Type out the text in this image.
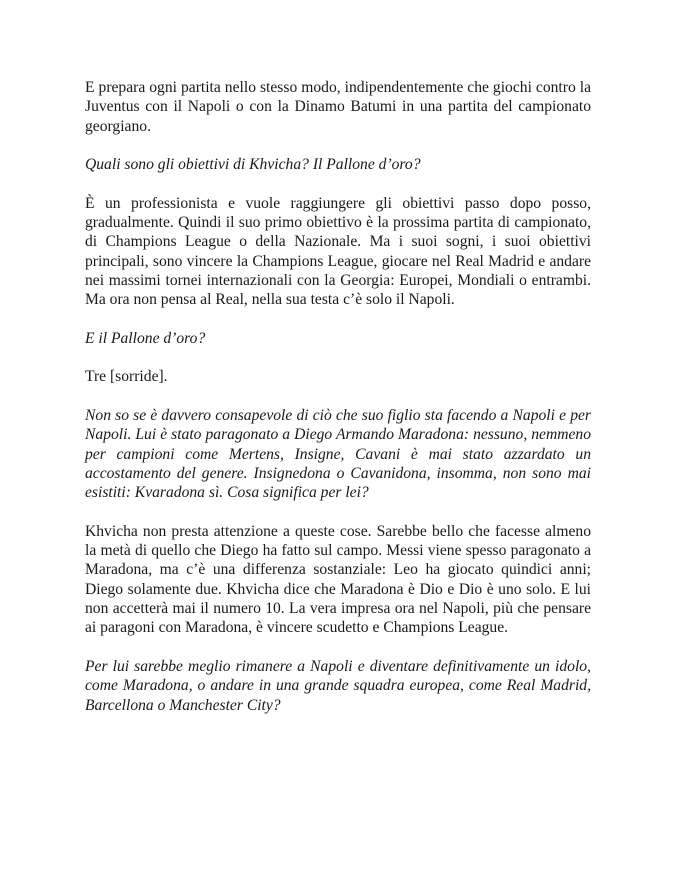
E prepara ogni partita nello stesso modo, indipendentemente che giochi contro la Juventus con il Napoli o con la Dinamo Batumi in una partita del campionato georgiano.

Quali sono gli obiettivi di Khvicha? Il Pallone d’oro?

È un professionista e vuole raggiungere gli obiettivi passo dopo posso, gradualmente. Quindi il suo primo obiettivo è la prossima partita di campionato, di Champions League o della Nazionale. Ma i suoi sogni, i suoi obiettivi principali, sono vincere la Champions League, giocare nel Real Madrid e andare nei massimi tornei internazionali con la Georgia: Europei, Mondiali o entrambi. Ma ora non pensa al Real, nella sua testa c’è solo il Napoli.

E il Pallone d’oro?

Tre [sorride].

Non so se è davvero consapevole di ciò che suo figlio sta facendo a Napoli e per Napoli. Lui è stato paragonato a Diego Armando Maradona: nessuno, nemmeno per campioni come Mertens, Insigne, Cavani è mai stato azzardato un accostamento del genere. Insignedona o Cavanidona, insomma, non sono mai esistiti: Kvaradona sì. Cosa significa per lei?

Khvicha non presta attenzione a queste cose. Sarebbe bello che facesse almeno la metà di quello che Diego ha fatto sul campo. Messi viene spesso paragonato a Maradona, ma c’è una differenza sostanziale: Leo ha giocato quindici anni; Diego solamente due. Khvicha dice che Maradona è Dio e Dio è uno solo. E lui non accetterà mai il numero 10. La vera impresa ora nel Napoli, più che pensare ai paragoni con Maradona, è vincere scudetto e Champions League.

Per lui sarebbe meglio rimanere a Napoli e diventare definitivamente un idolo, come Maradona, o andare in una grande squadra europea, come Real Madrid, Barcellona o Manchester City?
